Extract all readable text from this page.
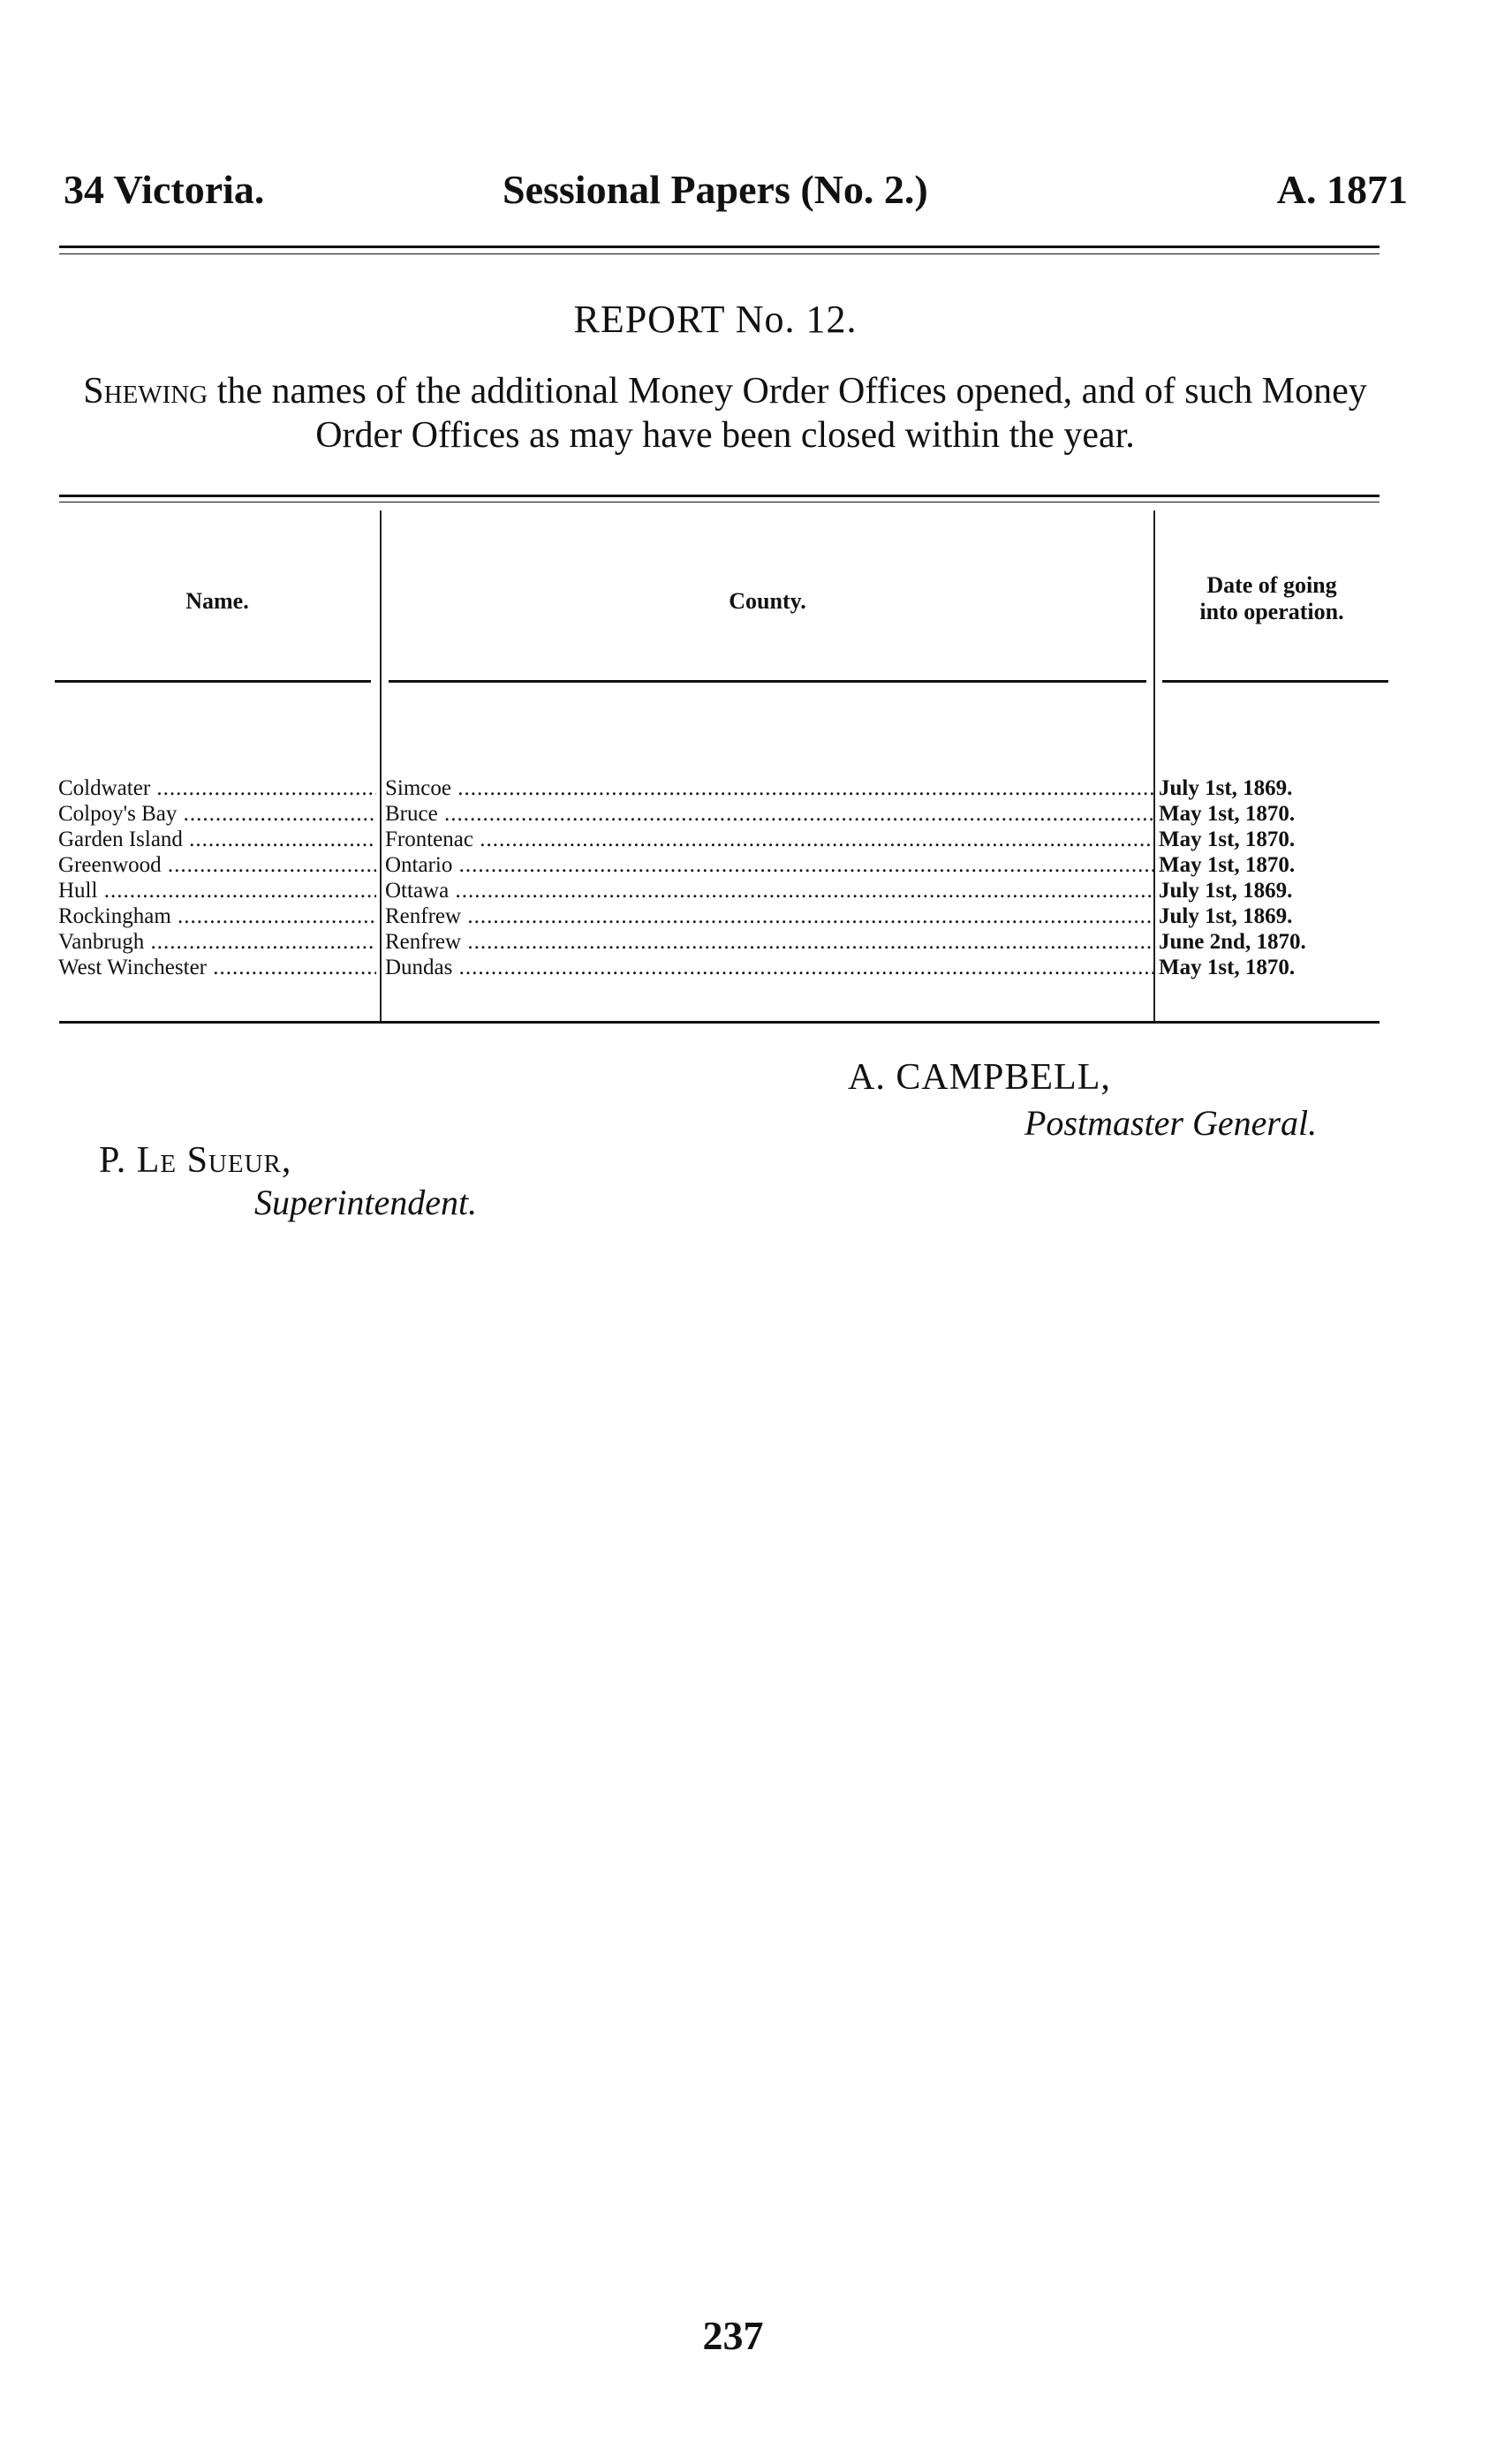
34 Victoria.	Sessional Papers (No. 2.)	A. 1871
REPORT No. 12.
Shewing the names of the additional Money Order Offices opened, and of such Money Order Offices as may have been closed within the year.
Name.	County.
Date of going
into operation.
Coldwater .....	Simcoe .....	July 1st, 1869.
Colpoy's Bay .....	Bruce .....	May 1st, 1870.
Garden Island .....	Frontenac .....	May 1st, 1870.
Greenwood .....	Ontario .....	May 1st, 1870.
Hull .....	Ottawa .....	July 1st, 1869.
Rockingham .....	Renfrew .....	July 1st, 1869.
Vanbrugh .....	Renfrew .....	June 2nd, 1870.
West Winchester .....	Dundas .....	May 1st, 1870.
A. CAMPBELL,
Postmaster General.
P. Le Sueur,
Superintendent.
237
